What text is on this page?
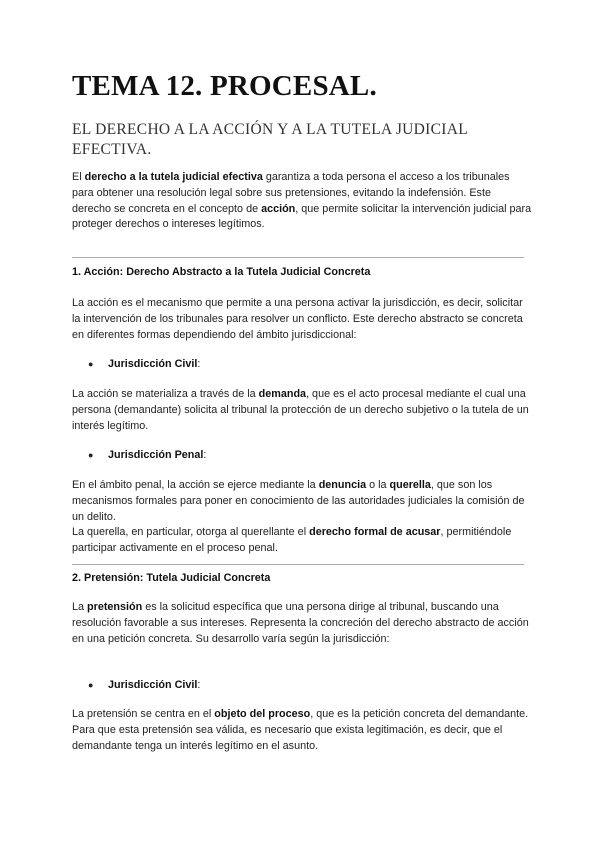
TEMA 12. PROCESAL.
EL DERECHO A LA ACCIÓN Y A LA TUTELA JUDICIAL EFECTIVA.

El derecho a la tutela judicial efectiva garantiza a toda persona el acceso a los tribunales para obtener una resolución legal sobre sus pretensiones, evitando la indefensión. Este derecho se concreta en el concepto de acción, que permite solicitar la intervención judicial para proteger derechos o intereses legítimos.

1. Acción: Derecho Abstracto a la Tutela Judicial Concreta

La acción es el mecanismo que permite a una persona activar la jurisdicción, es decir, solicitar la intervención de los tribunales para resolver un conflicto. Este derecho abstracto se concreta en diferentes formas dependiendo del ámbito jurisdiccional:

● Jurisdicción Civil:

La acción se materializa a través de la demanda, que es el acto procesal mediante el cual una persona (demandante) solicita al tribunal la protección de un derecho subjetivo o la tutela de un interés legítimo.

● Jurisdicción Penal:

En el ámbito penal, la acción se ejerce mediante la denuncia o la querella, que son los mecanismos formales para poner en conocimiento de las autoridades judiciales la comisión de un delito.
La querella, en particular, otorga al querellante el derecho formal de acusar, permitiéndole participar activamente en el proceso penal.

2. Pretensión: Tutela Judicial Concreta

La pretensión es la solicitud específica que una persona dirige al tribunal, buscando una resolución favorable a sus intereses. Representa la concreción del derecho abstracto de acción en una petición concreta. Su desarrollo varía según la jurisdicción:

● Jurisdicción Civil:

La pretensión se centra en el objeto del proceso, que es la petición concreta del demandante. Para que esta pretensión sea válida, es necesario que exista legitimación, es decir, que el demandante tenga un interés legítimo en el asunto.
